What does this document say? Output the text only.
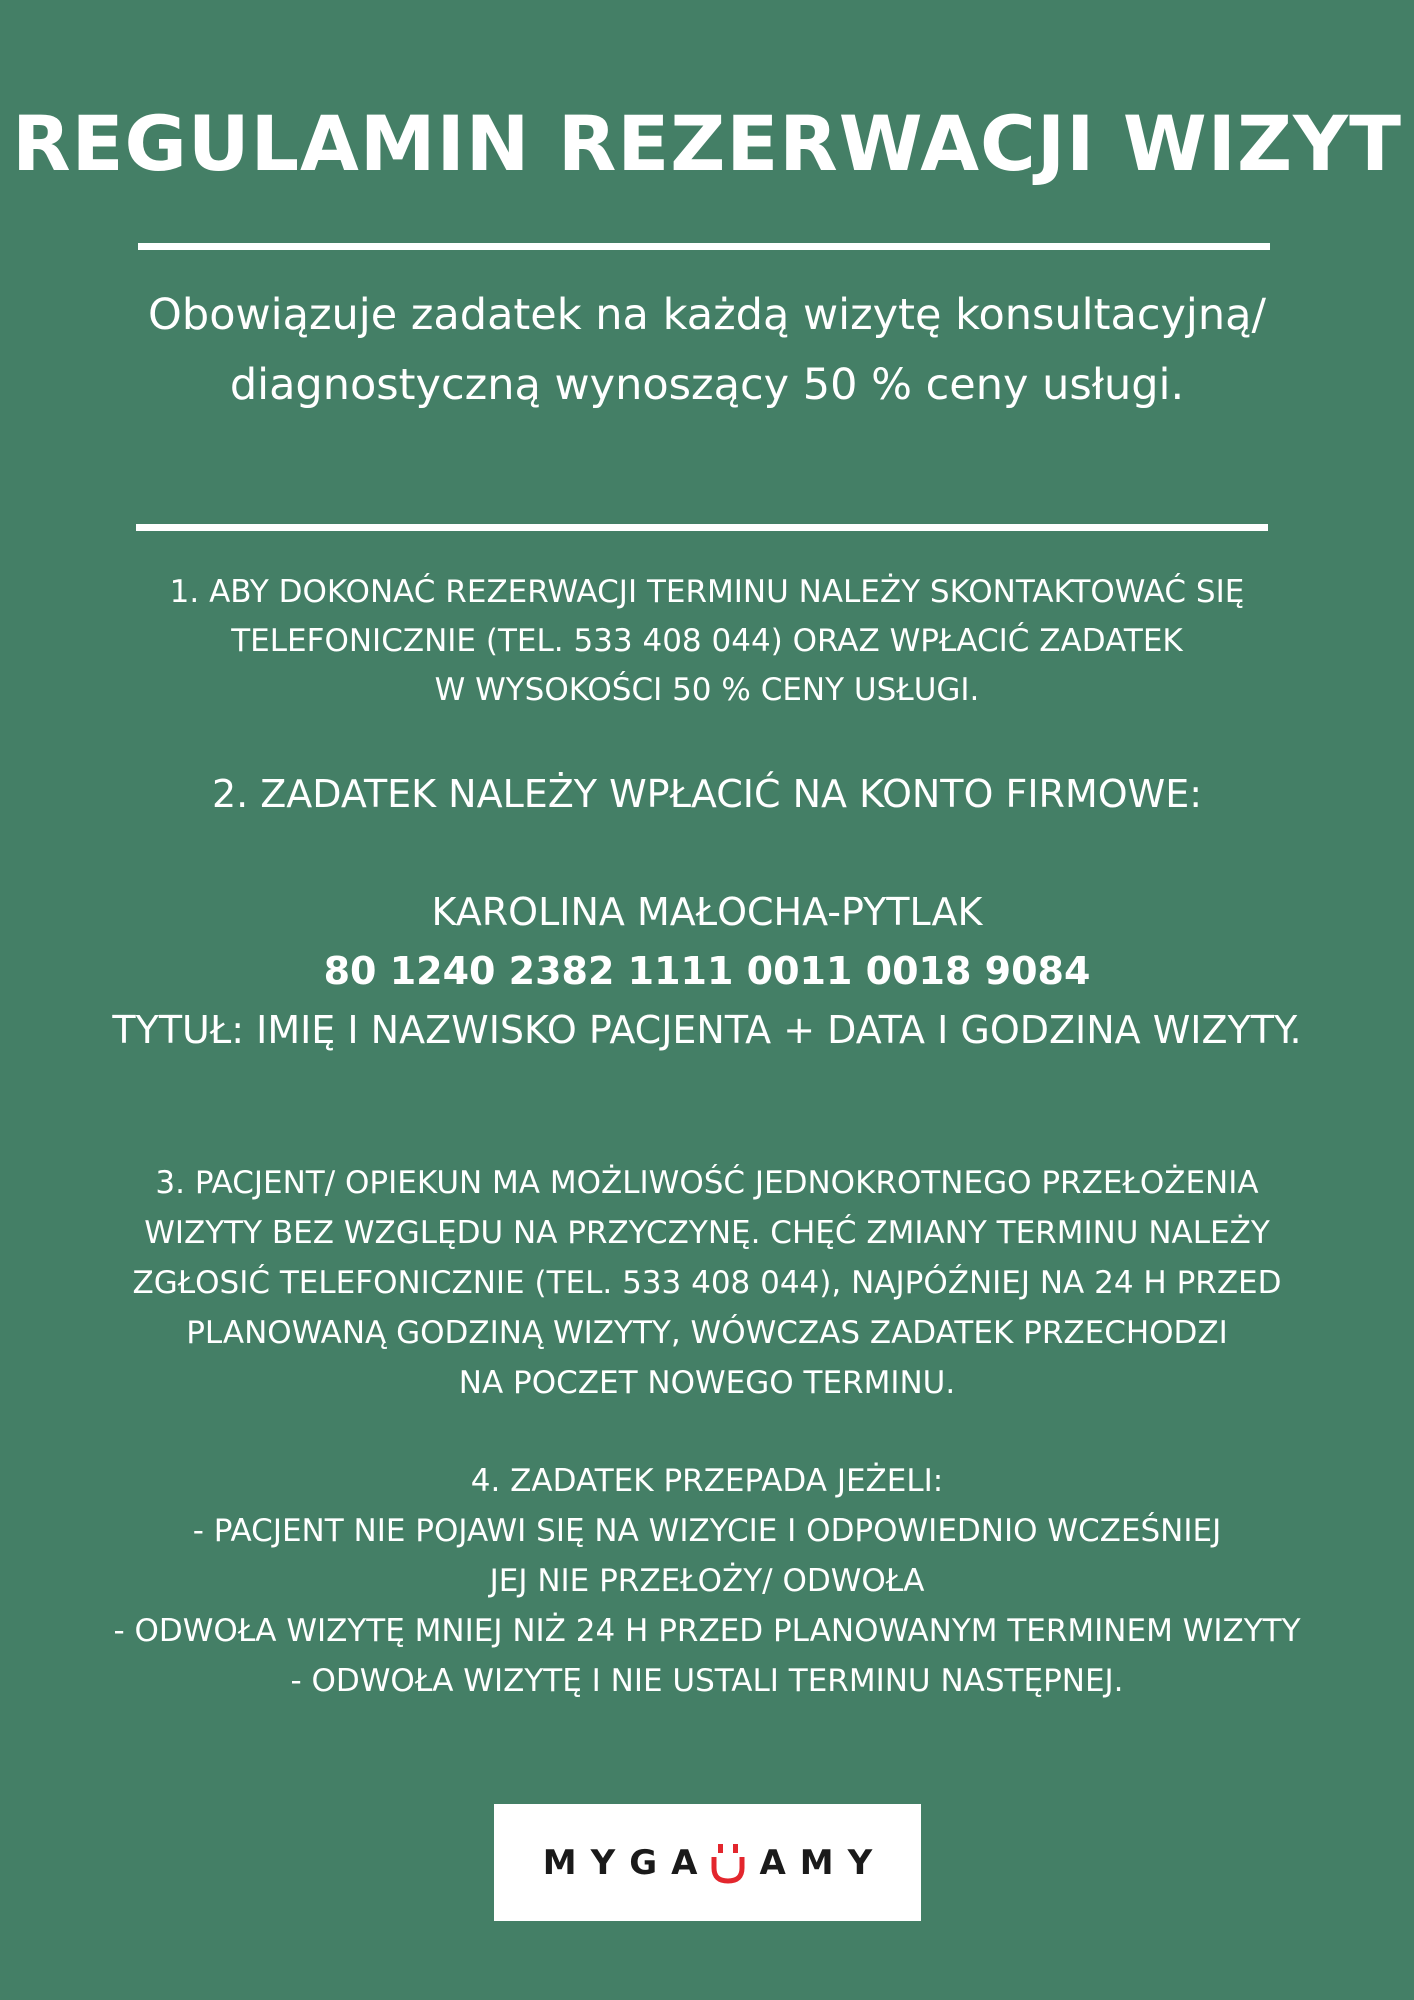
REGULAMIN REZERWACJI WIZYT
Obowiązuje zadatek na każdą wizytę konsultacyjną/
diagnostyczną wynoszący 50 % ceny usługi.
1. ABY DOKONAĆ REZERWACJI TERMINU NALEŻY SKONTAKTOWAĆ SIĘ
TELEFONICZNIE (TEL. 533 408 044) ORAZ WPŁACIĆ ZADATEK
W WYSOKOŚCI 50 % CENY USŁUGI.
2. ZADATEK NALEŻY WPŁACIĆ NA KONTO FIRMOWE:
KAROLINA MAŁOCHA-PYTLAK
80 1240 2382 1111 0011 0018 9084
TYTUŁ: IMIĘ I NAZWISKO PACJENTA + DATA I GODZINA WIZYTY.
3. PACJENT/ OPIEKUN MA MOŻLIWOŚĆ JEDNOKROTNEGO PRZEŁOŻENIA
WIZYTY BEZ WZGLĘDU NA PRZYCZYNĘ. CHĘĆ ZMIANY TERMINU NALEŻY
ZGŁOSIĆ TELEFONICZNIE (TEL. 533 408 044), NAJPÓŹNIEJ NA 24 H PRZED
PLANOWANĄ GODZINĄ WIZYTY, WÓWCZAS ZADATEK PRZECHODZI
NA POCZET NOWEGO TERMINU.
4. ZADATEK PRZEPADA JEŻELI:
- PACJENT NIE POJAWI SIĘ NA WIZYCIE I ODPOWIEDNIO WCZEŚNIEJ
JEJ NIE PRZEŁOŻY/ ODWOŁA
- ODWOŁA WIZYTĘ MNIEJ NIŻ 24 H PRZED PLANOWANYM TERMINEM WIZYTY
- ODWOŁA WIZYTĘ I NIE USTALI TERMINU NASTĘPNEJ.
MYGA AMY
